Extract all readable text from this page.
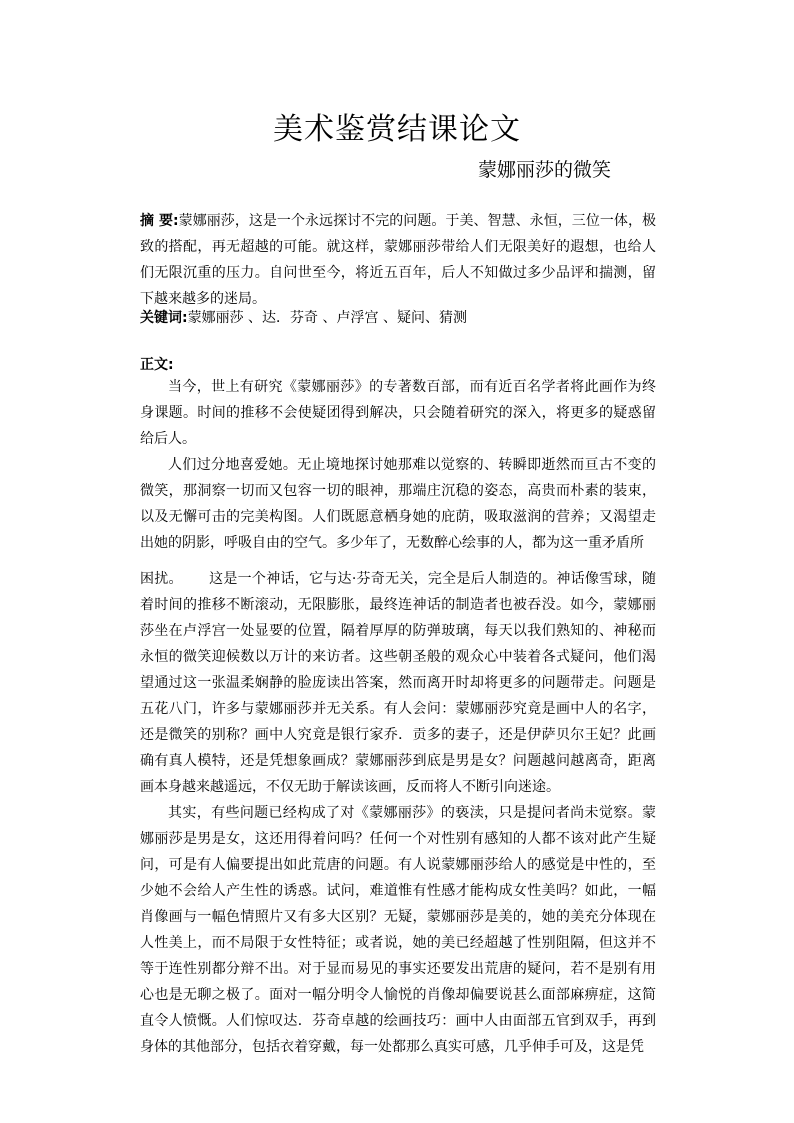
美术鉴赏结课论文
蒙娜丽莎的微笑

摘 要:蒙娜丽莎，这是一个永远探讨不完的问题。于美、智慧、永恒，三位一体，极致的搭配，再无超越的可能。就这样，蒙娜丽莎带给人们无限美好的遐想，也给人们无限沉重的压力。自问世至今，将近五百年，后人不知做过多少品评和揣测，留下越来越多的迷局。

关键词:蒙娜丽莎 、达．芬奇 、卢浮宫 、疑问、猜测

正文:

当今，世上有研究《蒙娜丽莎》的专著数百部，而有近百名学者将此画作为终身课题。时间的推移不会使疑团得到解决，只会随着研究的深入，将更多的疑惑留给后人。

人们过分地喜爱她。无止境地探讨她那难以觉察的、转瞬即逝然而亘古不变的微笑，那洞察一切而又包容一切的眼神，那端庄沉稳的姿态，高贵而朴素的装束，以及无懈可击的完美构图。人们既愿意栖身她的庇荫，吸取滋润的营养；又渴望走出她的阴影，呼吸自由的空气。多少年了，无数醉心绘事的人，都为这一重矛盾所

困扰。 这是一个神话，它与达·芬奇无关，完全是后人制造的。神话像雪球，随着时间的推移不断滚动，无限膨胀，最终连神话的制造者也被吞没。如今，蒙娜丽莎坐在卢浮宫一处显要的位置，隔着厚厚的防弹玻璃，每天以我们熟知的、神秘而永恒的微笑迎候数以万计的来访者。这些朝圣般的观众心中装着各式疑问，他们渴望通过这一张温柔娴静的脸庞读出答案，然而离开时却将更多的问题带走。问题是五花八门，许多与蒙娜丽莎并无关系。有人会问：蒙娜丽莎究竟是画中人的名字，还是微笑的别称？画中人究竟是银行家乔．贡多的妻子，还是伊萨贝尔王妃？此画确有真人模特，还是凭想象画成？蒙娜丽莎到底是男是女？问题越问越离奇，距离画本身越来越遥远，不仅无助于解读该画，反而将人不断引向迷途。

其实，有些问题已经构成了对《蒙娜丽莎》的亵渎，只是提问者尚未觉察。蒙娜丽莎是男是女，这还用得着问吗？任何一个对性别有感知的人都不该对此产生疑问，可是有人偏要提出如此荒唐的问题。有人说蒙娜丽莎给人的感觉是中性的，至少她不会给人产生性的诱惑。试问，难道惟有性感才能构成女性美吗？如此，一幅肖像画与一幅色情照片又有多大区别？无疑，蒙娜丽莎是美的，她的美充分体现在人性美上，而不局限于女性特征；或者说，她的美已经超越了性别阻隔，但这并不等于连性别都分辩不出。对于显而易见的事实还要发出荒唐的疑问，若不是别有用心也是无聊之极了。面对一幅分明令人愉悦的肖像却偏要说甚么面部麻痹症，这简直令人愤慨。人们惊叹达．芬奇卓越的绘画技巧：画中人由面部五官到双手，再到身体的其他部分，包括衣着穿戴，每一处都那么真实可感，几乎伸手可及，这是凭
